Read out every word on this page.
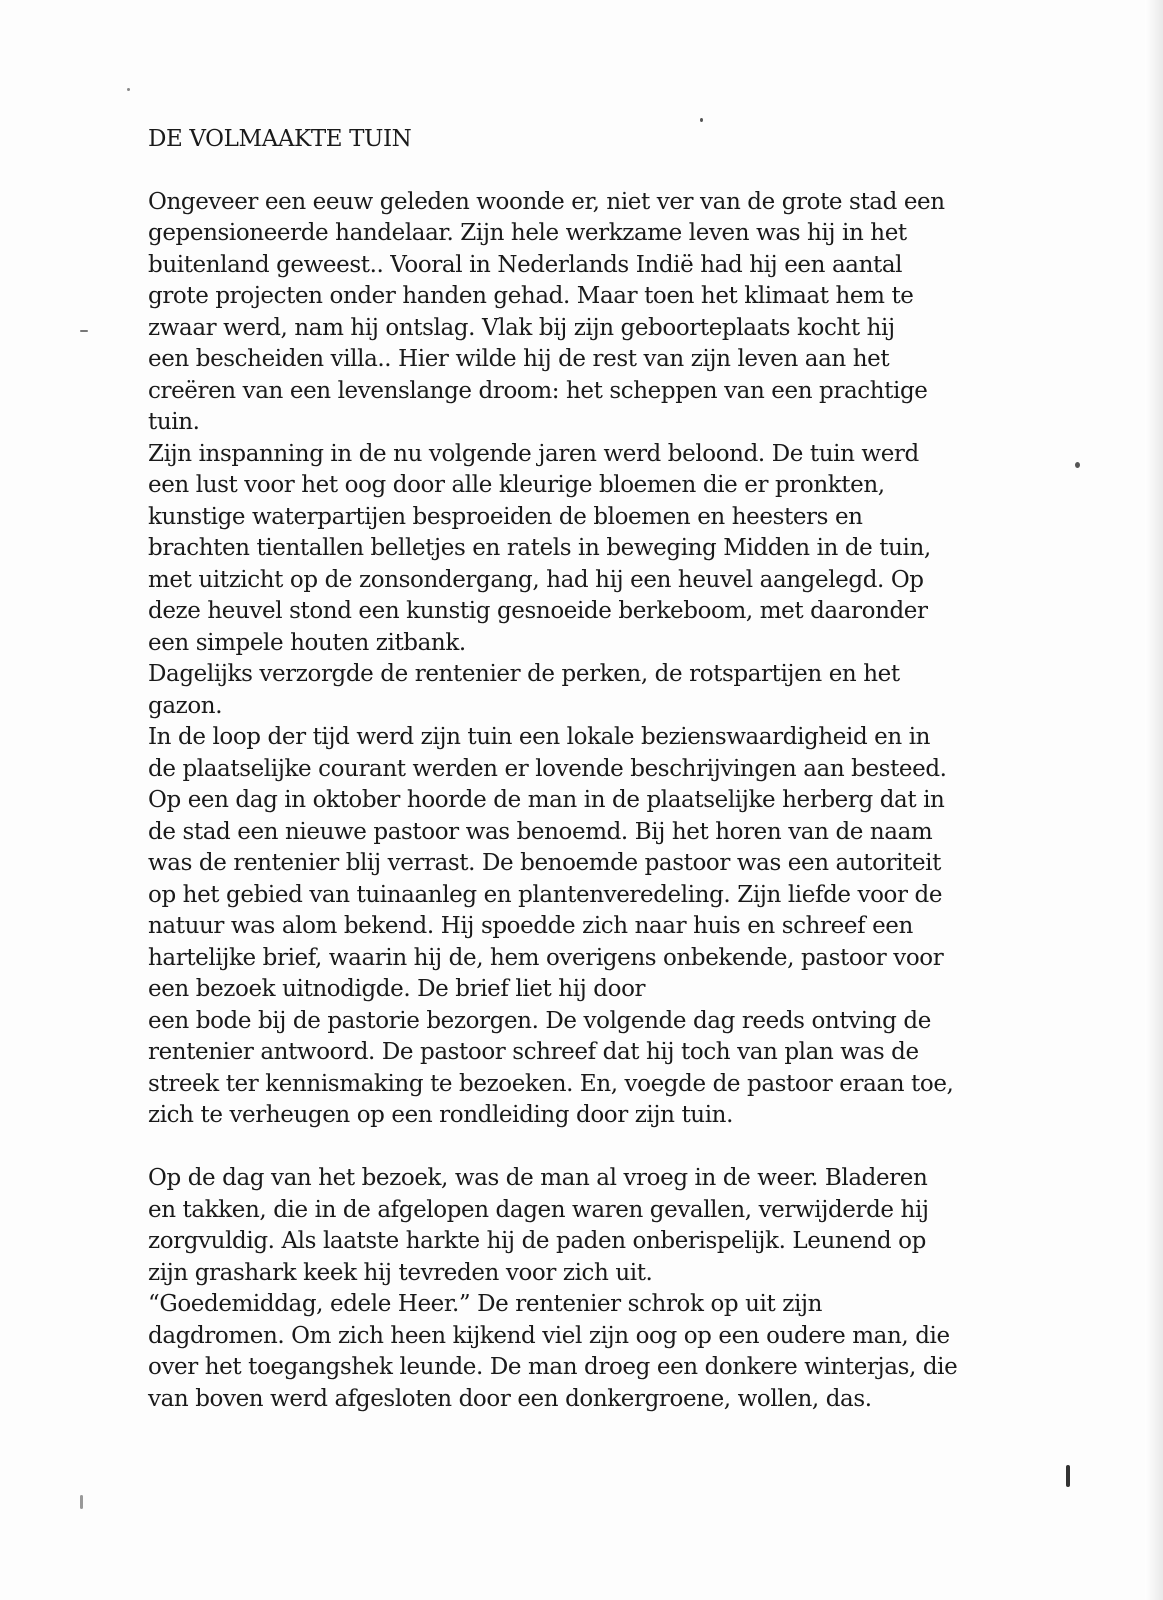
DE VOLMAAKTE TUIN
Ongeveer een eeuw geleden woonde er, niet ver van de grote stad een
gepensioneerde handelaar. Zijn hele werkzame leven was hij in het
buitenland geweest.. Vooral in Nederlands Indië had hij een aantal
grote projecten onder handen gehad. Maar toen het klimaat hem te
zwaar werd, nam hij ontslag. Vlak bij zijn geboorteplaats kocht hij
een bescheiden villa.. Hier wilde hij de rest van zijn leven aan het
creëren van een levenslange droom: het scheppen van een prachtige
tuin.
Zijn inspanning in de nu volgende jaren werd beloond. De tuin werd
een lust voor het oog door alle kleurige bloemen die er pronkten,
kunstige waterpartijen besproeiden de bloemen en heesters en
brachten tientallen belletjes en ratels in beweging Midden in de tuin,
met uitzicht op de zonsondergang, had hij een heuvel aangelegd. Op
deze heuvel stond een kunstig gesnoeide berkeboom, met daaronder
een simpele houten zitbank.
Dagelijks verzorgde de rentenier de perken, de rotspartijen en het
gazon.
In de loop der tijd werd zijn tuin een lokale bezienswaardigheid en in
de plaatselijke courant werden er lovende beschrijvingen aan besteed.
Op een dag in oktober hoorde de man in de plaatselijke herberg dat in
de stad een nieuwe pastoor was benoemd. Bij het horen van de naam
was de rentenier blij verrast. De benoemde pastoor was een autoriteit
op het gebied van tuinaanleg en plantenveredeling. Zijn liefde voor de
natuur was alom bekend. Hij spoedde zich naar huis en schreef een
hartelijke brief, waarin hij de, hem overigens onbekende, pastoor voor
een bezoek uitnodigde. De brief liet hij door
een bode bij de pastorie bezorgen. De volgende dag reeds ontving de
rentenier antwoord. De pastoor schreef dat hij toch van plan was de
streek ter kennismaking te bezoeken. En, voegde de pastoor eraan toe,
zich te verheugen op een rondleiding door zijn tuin.
Op de dag van het bezoek, was de man al vroeg in de weer. Bladeren
en takken, die in de afgelopen dagen waren gevallen, verwijderde hij
zorgvuldig. Als laatste harkte hij de paden onberispelijk. Leunend op
zijn grashark keek hij tevreden voor zich uit.
“Goedemiddag, edele Heer.” De rentenier schrok op uit zijn
dagdromen. Om zich heen kijkend viel zijn oog op een oudere man, die
over het toegangshek leunde. De man droeg een donkere winterjas, die
van boven werd afgesloten door een donkergroene, wollen, das.
